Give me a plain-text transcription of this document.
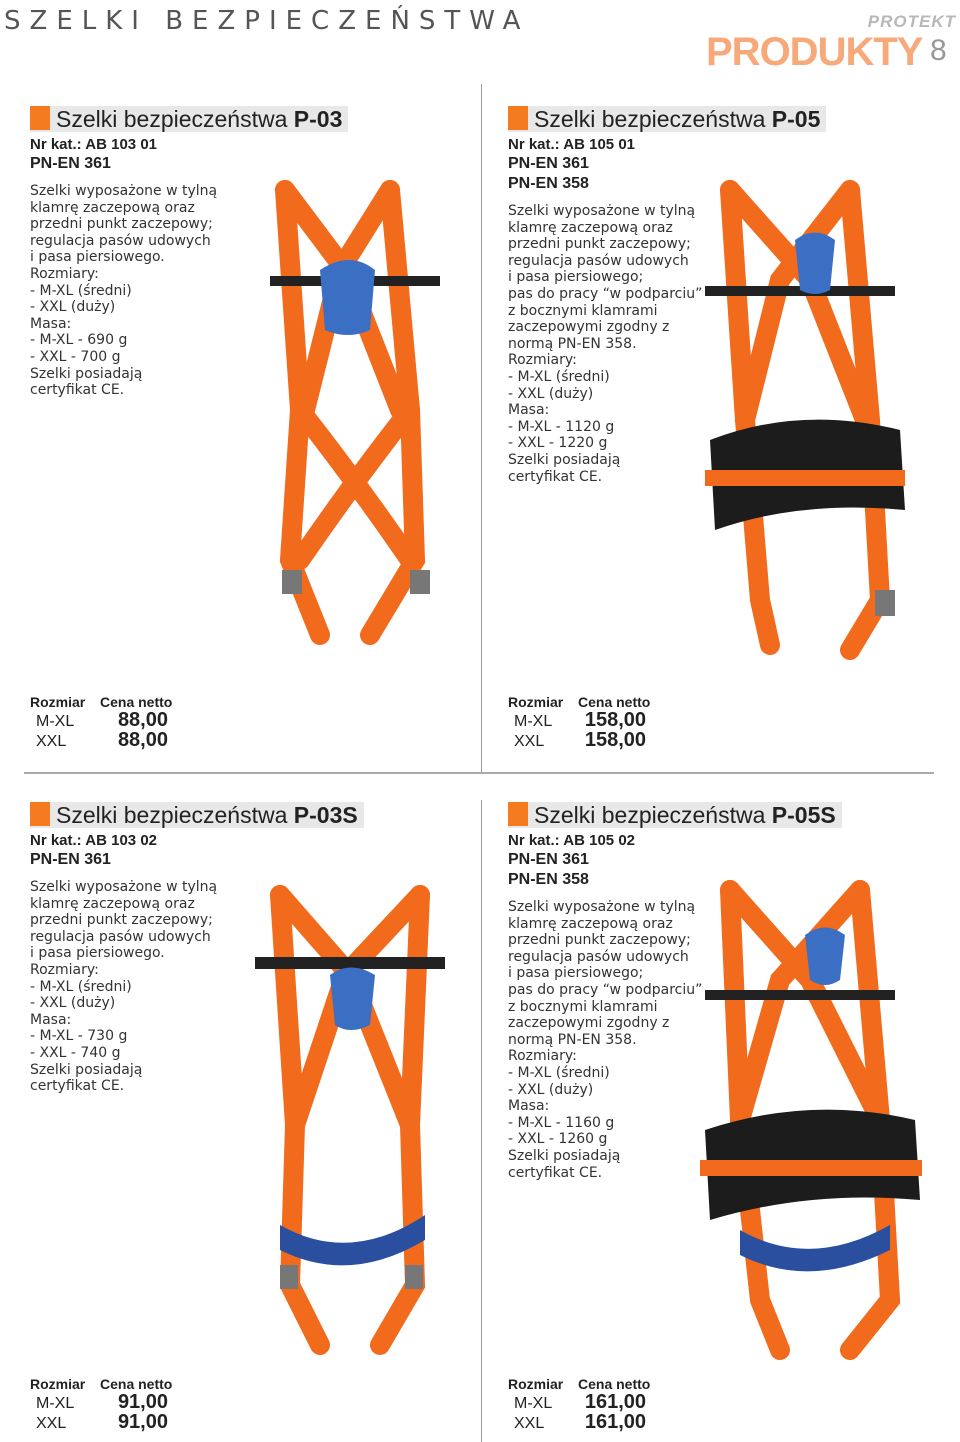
SZELKI BEZPIECZEŃSTWA	PROTEKT
PRODUKTY 8
Szelki bezpieczeństwa P-03
Nr kat.: AB 103 01
PN-EN 361
Szelki wyposażone w tylną
klamrę zaczepową oraz
przedni punkt zaczepowy;
regulacja pasów udowych
i pasa piersiowego.
Rozmiary:
- M-XL (średni)
- XXL (duży)
Masa:
- M-XL - 690 g
- XXL - 700 g
Szelki posiadają
certyfikat CE.
Szelki bezpieczeństwa P-05
Nr kat.: AB 105 01
PN-EN 361
PN-EN 358
Szelki wyposażone w tylną
klamrę zaczepową oraz
przedni punkt zaczepowy;
regulacja pasów udowych
i pasa piersiowego;
pas do pracy “w podparciu”
z bocznymi klamrami
zaczepowymi zgodny z
normą PN-EN 358.
Rozmiary:
- M-XL (średni)
- XXL (duży)
Masa:
- M-XL - 1120 g
- XXL - 1220 g
Szelki posiadają
certyfikat CE.
Szelki bezpieczeństwa P-03S
Nr kat.: AB 103 02
PN-EN 361
Szelki wyposażone w tylną
klamrę zaczepową oraz
przedni punkt zaczepowy;
regulacja pasów udowych
i pasa piersiowego.
Rozmiary:
- M-XL (średni)
- XXL (duży)
Masa:
- M-XL - 730 g
- XXL - 740 g
Szelki posiadają
certyfikat CE.
Szelki bezpieczeństwa P-05S
Nr kat.: AB 105 02
PN-EN 361
PN-EN 358
Szelki wyposażone w tylną
klamrę zaczepową oraz
przedni punkt zaczepowy;
regulacja pasów udowych
i pasa piersiowego;
pas do pracy “w podparciu”
z bocznymi klamrami
zaczepowymi zgodny z
normą PN-EN 358.
Rozmiary:
- M-XL (średni)
- XXL (duży)
Masa:
- M-XL - 1160 g
- XXL - 1260 g
Szelki posiadają
certyfikat CE.
Rozmiar Cena netto
M-XL 88,00
XXL	88,00
Rozmiar Cena netto
M-XL 158,00
XXL 158,00
Rozmiar Cena netto
M-XL 91,00
XXL	91,00
Rozmiar Cena netto
M-XL 161,00
XXL 161,00
